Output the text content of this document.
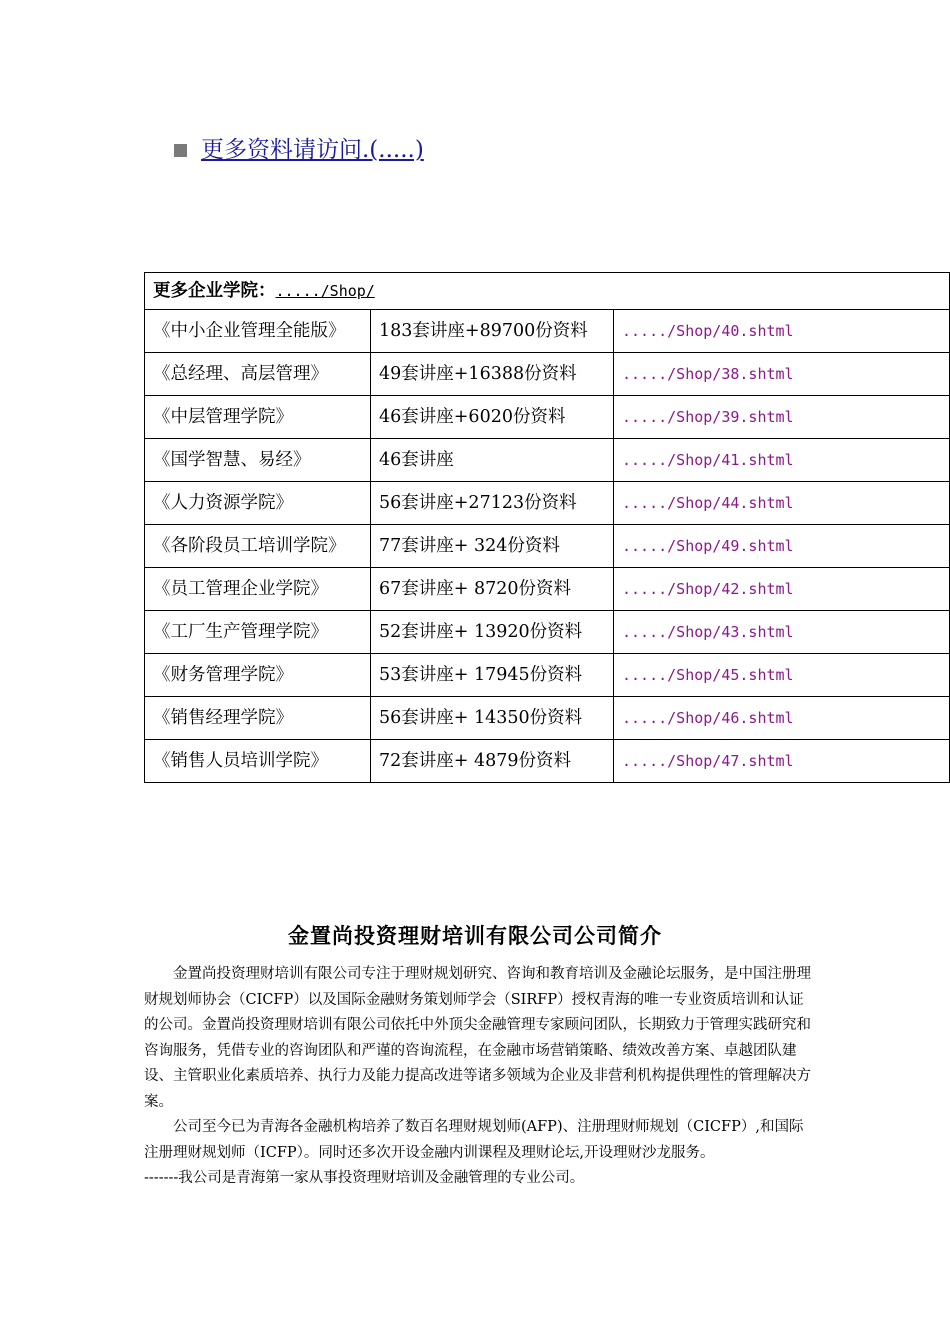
更多资料请访问.(.....)
更多企业学院：...../Shop/		
《中小企业管理全能版》	183套讲座+89700份资料	...../Shop/40.shtml
《总经理、高层管理》	49套讲座+16388份资料	...../Shop/38.shtml
《中层管理学院》	46套讲座+6020份资料	...../Shop/39.shtml
《国学智慧、易经》	46套讲座	...../Shop/41.shtml
《人力资源学院》	56套讲座+27123份资料	...../Shop/44.shtml
《各阶段员工培训学院》	77套讲座+ 324份资料	...../Shop/49.shtml
《员工管理企业学院》	67套讲座+ 8720份资料	...../Shop/42.shtml
《工厂生产管理学院》	52套讲座+ 13920份资料	...../Shop/43.shtml
《财务管理学院》	53套讲座+ 17945份资料	...../Shop/45.shtml
《销售经理学院》	56套讲座+ 14350份资料	...../Shop/46.shtml
《销售人员培训学院》	72套讲座+ 4879份资料	...../Shop/47.shtml
金置尚投资理财培训有限公司公司简介

金置尚投资理财培训有限公司专注于理财规划研究、咨询和教育培训及金融论坛服务，是中国注册理财规划师协会（CICFP）以及国际金融财务策划师学会（SIRFP）授权青海的唯一专业资质培训和认证的公司。金置尚投资理财培训有限公司依托中外顶尖金融管理专家顾问团队，长期致力于管理实践研究和咨询服务，凭借专业的咨询团队和严谨的咨询流程，在金融市场营销策略、绩效改善方案、卓越团队建设、主管职业化素质培养、执行力及能力提高改进等诸多领域为企业及非营利机构提供理性的管理解决方案。

公司至今已为青海各金融机构培养了数百名理财规划师(AFP)、注册理财师规划（CICFP）,和国际注册理财规划师（ICFP）。同时还多次开设金融内训课程及理财论坛,开设理财沙龙服务。

-------我公司是青海第一家从事投资理财培训及金融管理的专业公司。
